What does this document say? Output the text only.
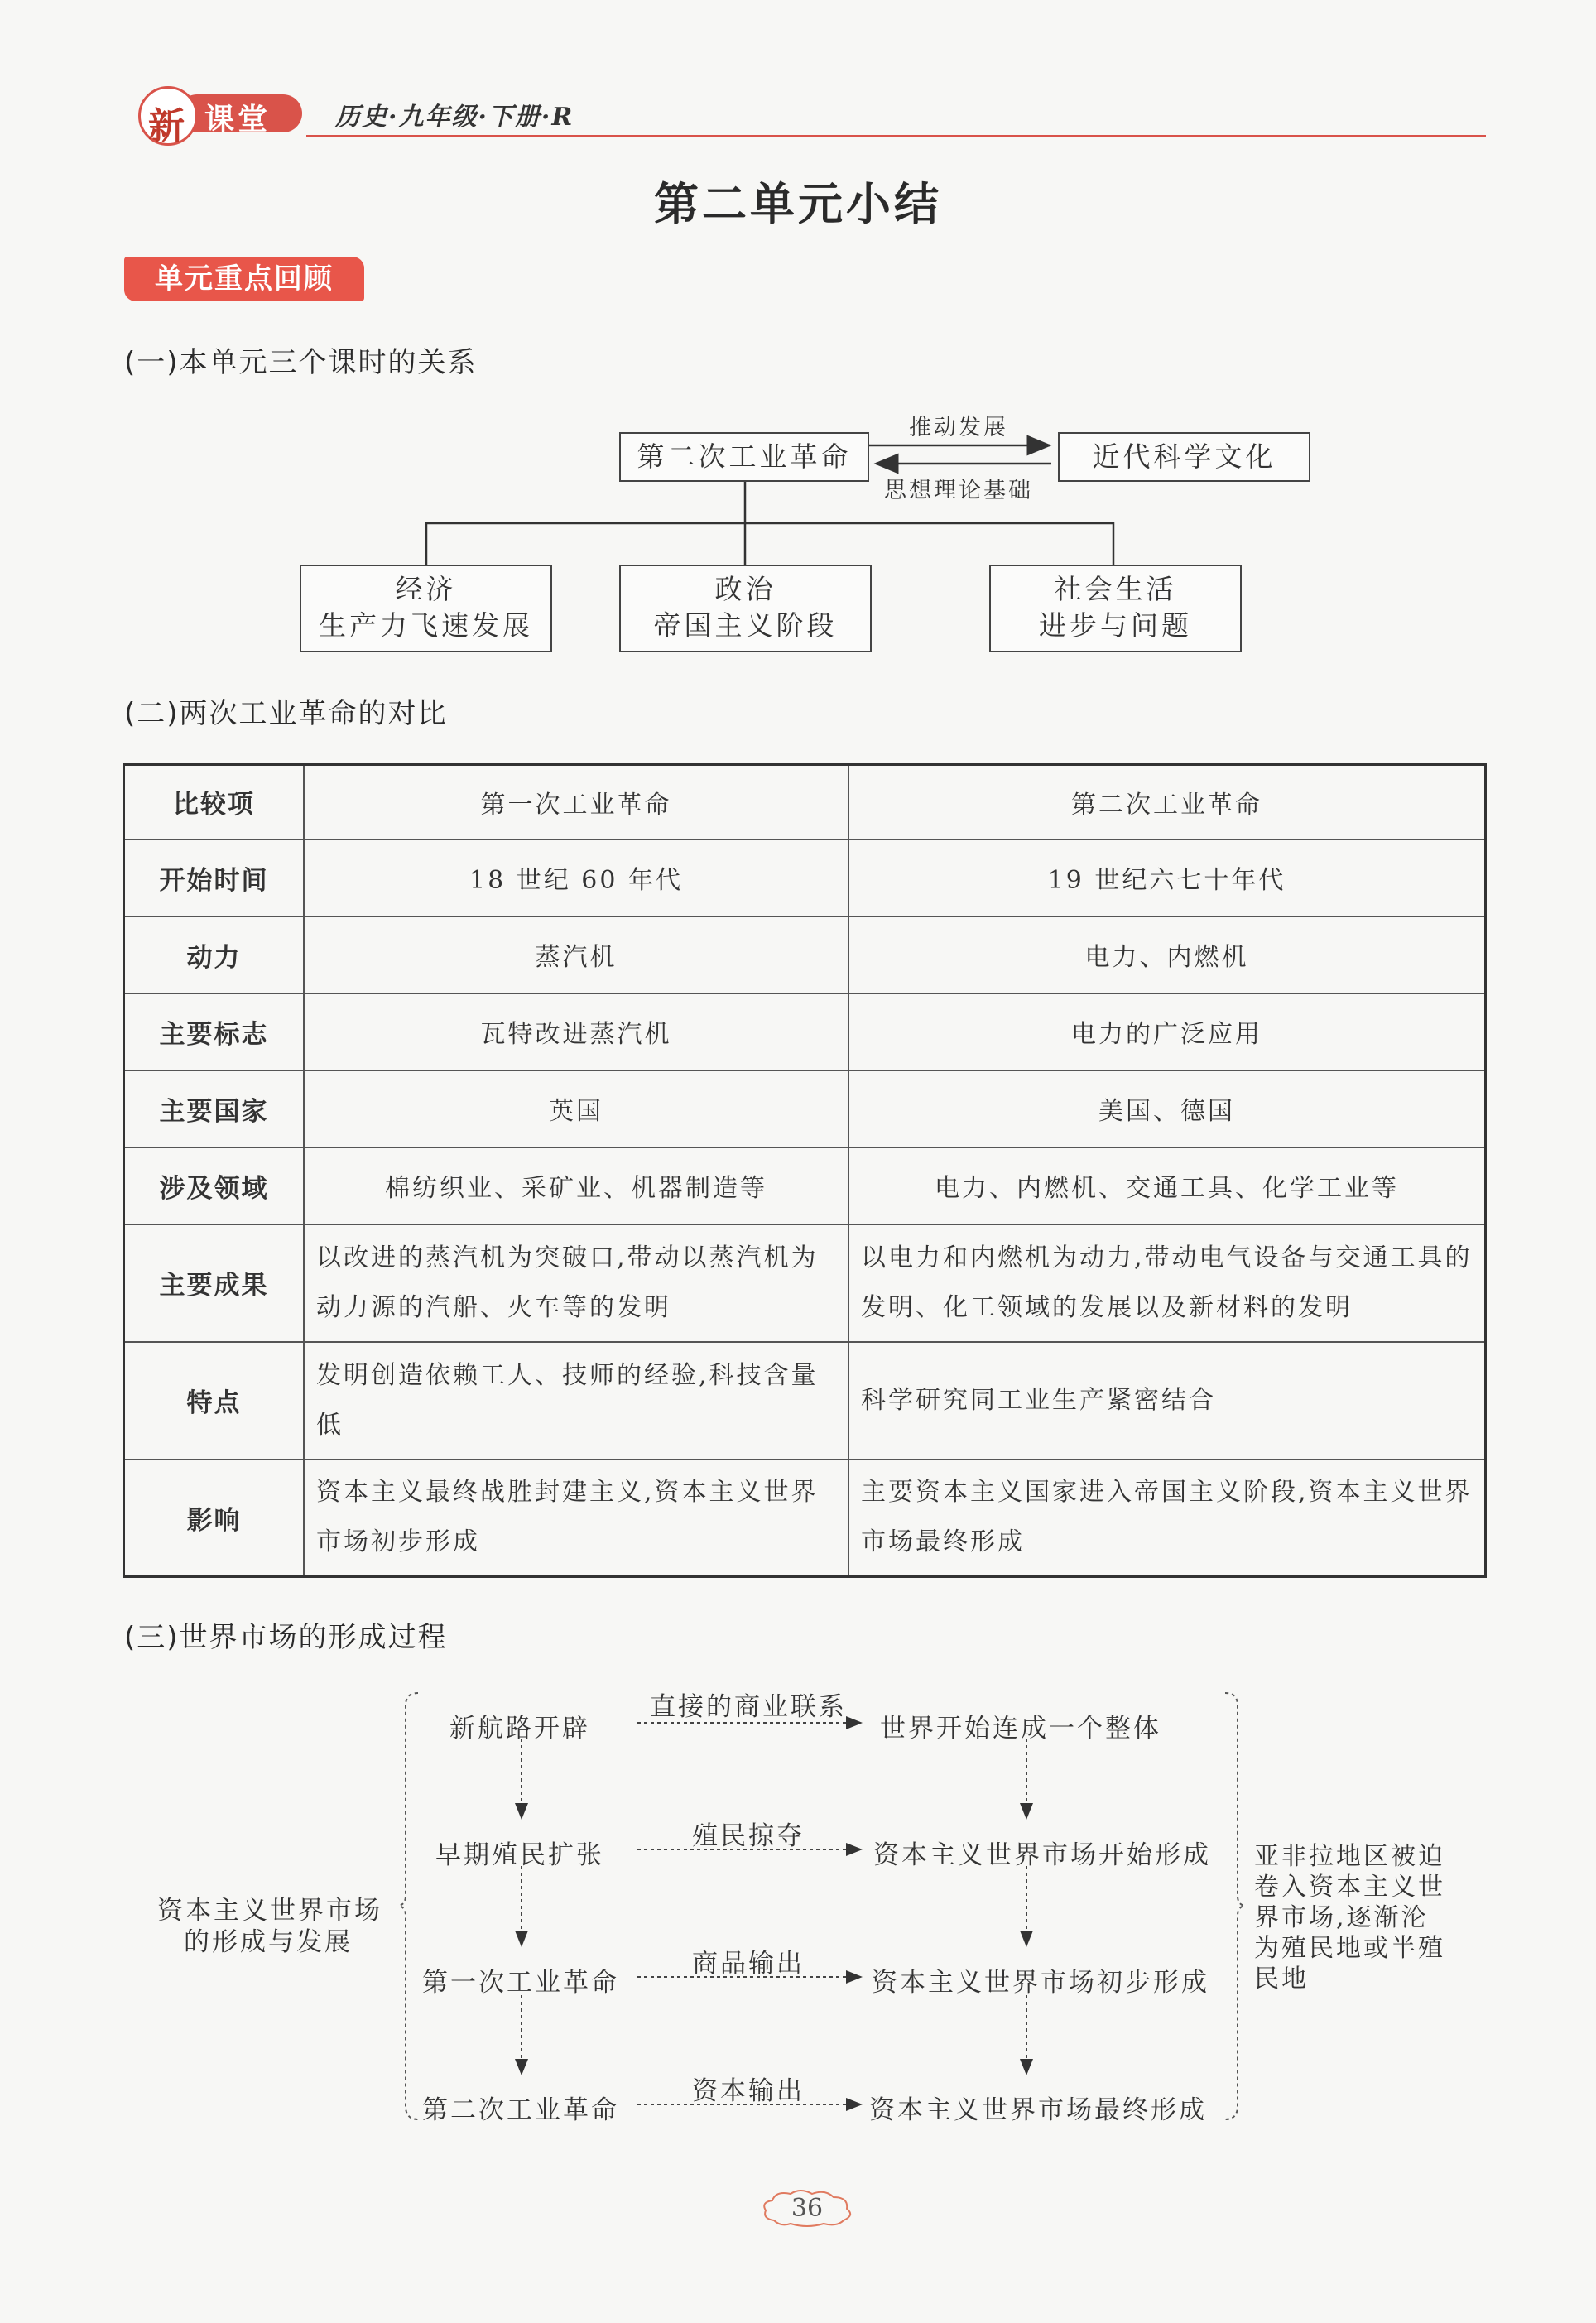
新 课堂	历史·九年级·下册·R
第二单元小结
单元重点回顾
(一)本单元三个课时的关系
第二次工业革命	近代科学文化
推动发展
思想理论基础
经济
生产力飞速发展
政治
帝国主义阶段
社会生活
进步与问题
(二)两次工业革命的对比
比较项	第一次工业革命	第二次工业革命
开始时间	18 世纪 60 年代	19 世纪六七十年代
动力	蒸汽机	电力、内燃机
主要标志	瓦特改进蒸汽机	电力的广泛应用
主要国家	英国	美国、德国
涉及领域	棉纺织业、采矿业、机器制造等	电力、内燃机、交通工具、化学工业等
主要成果	以改进的蒸汽机为突破口,带动以蒸汽机为动力源的汽船、火车等的发明	以电力和内燃机为动力,带动电气设备与交通工具的发明、化工领域的发展以及新材料的发明
特点	发明创造依赖工人、技师的经验,科技含量低	科学研究同工业生产紧密结合
影响	资本主义最终战胜封建主义,资本主义世界市场初步形成	主要资本主义国家进入帝国主义阶段,资本主义世界市场最终形成
(三)世界市场的形成过程
资本主义世界市场
的形成与发展
新航路开辟
直接的商业联系
世界开始连成一个整体
早期殖民扩张
殖民掠夺
资本主义世界市场开始形成
第一次工业革命
商品输出
资本主义世界市场初步形成
第二次工业革命
资本输出
资本主义世界市场最终形成
亚非拉地区被迫
卷入资本主义世
界市场,逐渐沦
为殖民地或半殖
民地
36
